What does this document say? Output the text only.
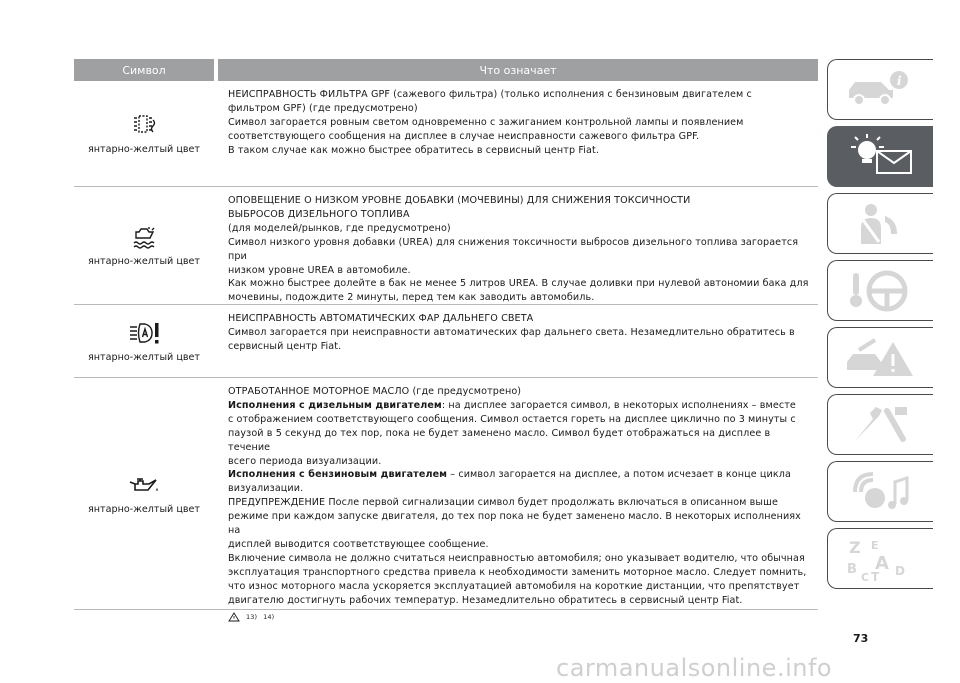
Символ	Что означает
янтарно-желтый цвет

НЕИСПРАВНОСТЬ ФИЛЬТРА GPF (сажевого фильтра) (только исполнения с бензиновым двигателем с

фильтром GPF) (где предусмотрено)

Символ загорается ровным светом одновременно с зажиганием контрольной лампы и появлением

соответствующего сообщения на дисплее в случае неисправности сажевого фильтра GPF.

В таком случае как можно быстрее обратитесь в сервисный центр Fiat.

янтарно-желтый цвет

ОПОВЕЩЕНИЕ О НИЗКОМ УРОВНЕ ДОБАВКИ (МОЧЕВИНЫ) ДЛЯ СНИЖЕНИЯ ТОКСИЧНОСТИ

ВЫБРОСОВ ДИЗЕЛЬНОГО ТОПЛИВА

(для моделей/рынков, где предусмотрено)

Символ низкого уровня добавки (UREA) для снижения токсичности выбросов дизельного топлива загорается при

низком уровне UREA в автомобиле.

Как можно быстрее долейте в бак не менее 5 литров UREA. В случае доливки при нулевой автономии бака для

мочевины, подождите 2 минуты, перед тем как заводить автомобиль.

янтарно-желтый цвет

НЕИСПРАВНОСТЬ АВТОМАТИЧЕСКИХ ФАР ДАЛЬНЕГО СВЕТА

Символ загорается при неисправности автоматических фар дальнего света. Незамедлительно обратитесь в

сервисный центр Fiat.

янтарно-желтый цвет

ОТРАБОТАННОЕ МОТОРНОЕ МАСЛО (где предусмотрено)

Исполнения с дизельным двигателем: на дисплее загорается символ, в некоторых исполнениях – вместе

с отображением соответствующего сообщения. Символ остается гореть на дисплее циклично по 3 минуты с

паузой в 5 секунд до тех пор, пока не будет заменено масло. Символ будет отображаться на дисплее в течение

всего периода визуализации.

Исполнения с бензиновым двигателем – символ загорается на дисплее, а потом исчезает в конце цикла

визуализации.

ПРЕДУПРЕЖДЕНИЕ После первой сигнализации символ будет продолжать включаться в описанном выше

режиме при каждом запуске двигателя, до тех пор пока не будет заменено масло. В некоторых исполнениях на

дисплей выводится соответствующее сообщение.

Включение символа не должно считаться неисправностью автомобиля; оно указывает водителю, что обычная

эксплуатация транспортного средства привела к необходимости заменить моторное масло. Следует помнить,

что износ моторного масла ускоряется эксплуатацией автомобиля на короткие дистанции, что препятствует

двигателю достигнуть рабочих температур. Незамедлительно обратитесь в сервисный центр Fiat.

13) 14)
i
Z E
B A
C T D
73
carmanualsonline.info
